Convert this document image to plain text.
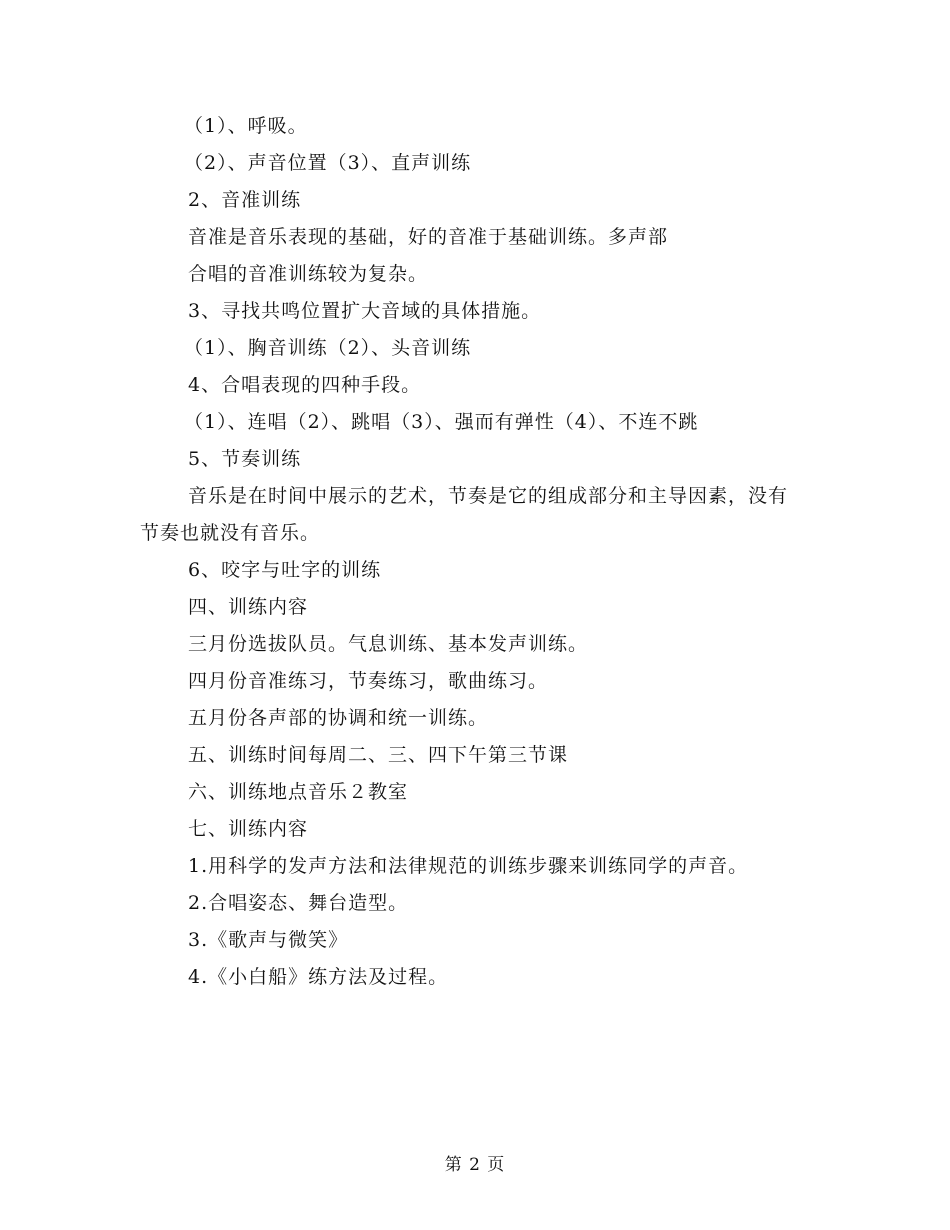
（1）、呼吸。
（2）、声音位置（3）、直声训练
2、音准训练
音准是音乐表现的基础，好的音准于基础训练。多声部
合唱的音准训练较为复杂。
3、寻找共鸣位置扩大音域的具体措施。
（1）、胸音训练（2）、头音训练
4、合唱表现的四种手段。
（1）、连唱（2）、跳唱（3）、强而有弹性（4）、不连不跳
5、节奏训练
音乐是在时间中展示的艺术，节奏是它的组成部分和主导因素，没有节奏也就没有音乐。
6、咬字与吐字的训练
四、训练内容
三月份选拔队员。气息训练、基本发声训练。
四月份音准练习，节奏练习，歌曲练习。
五月份各声部的协调和统一训练。
五、训练时间每周二、三、四下午第三节课
六、训练地点音乐２教室
七、训练内容
1.用科学的发声方法和法律规范的训练步骤来训练同学的声音。
2.合唱姿态、舞台造型。
3.《歌声与微笑》
4.《小白船》练方法及过程。
第 2 页
